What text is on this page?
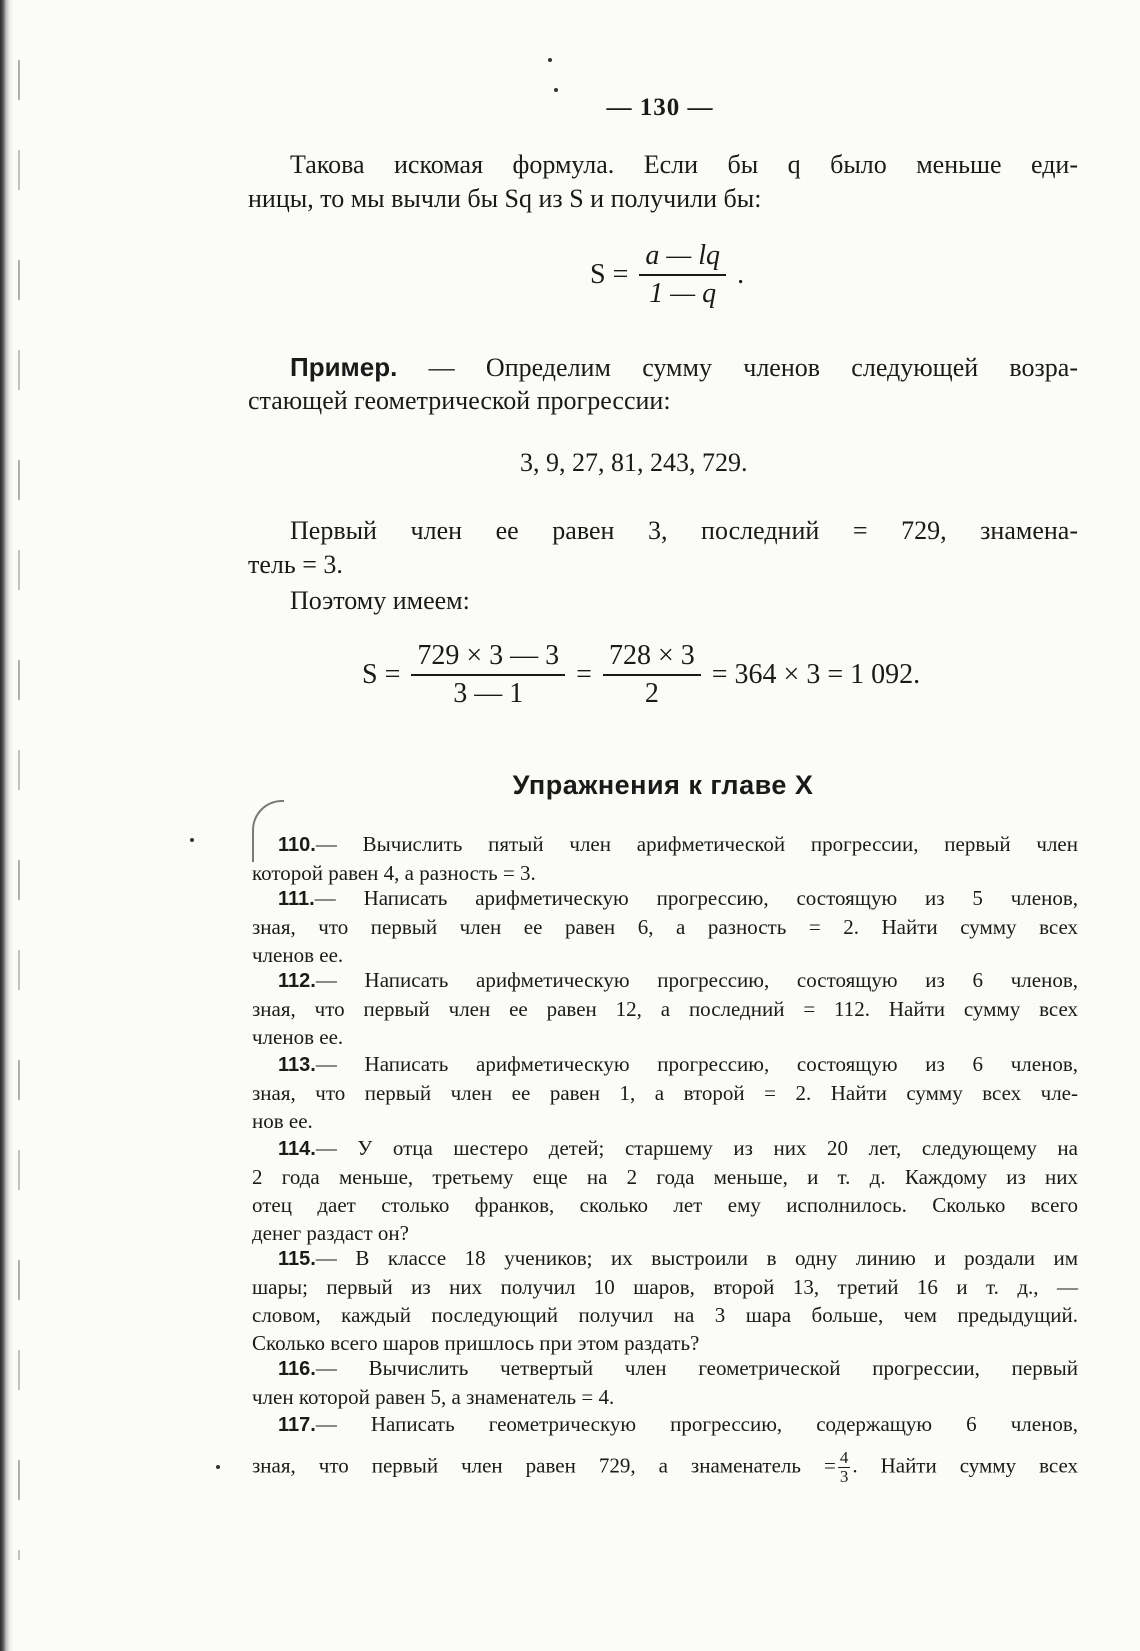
— 130 —
Такова искомая формула. Если бы q было меньше еди-
ницы, то мы вычли бы Sq из S и получили бы:
$S = \frac{a — lq}{1 — q}$ .
Пример. — Определим сумму членов следующей возра-
стающей геометрической прогрессии:
3, 9, 27, 81, 243, 729.
Первый член ее равен 3, последний = 729, знамена-
тель = 3.
Поэтому имеем:
$S = \frac{729 \times 3 — 3}{3 — 1} = \frac{728 \times 3}{2} = 364 \times 3 = 1$ 092.
Упражнения к главе X
110.— Вычислить пятый член арифметической прогрессии, первый член
которой равен 4, а разность = 3.
111.— Написать арифметическую прогрессию, состоящую из 5 членов,
зная, что первый член ее равен 6, а разность = 2. Найти сумму всех
членов ее.
112.— Написать арифметическую прогрессию, состоящую из 6 членов,
зная, что первый член ее равен 12, а последний = 112. Найти сумму всех
членов ее.
113.— Написать арифметическую прогрессию, состоящую из 6 членов,
зная, что первый член ее равен 1, а второй = 2. Найти сумму всех чле-
нов ее.
114.— У отца шестеро детей; старшему из них 20 лет, следующему на
2 года меньше, третьему еще на 2 года меньше, и т. д. Каждому из них
отец дает столько франков, сколько лет ему исполнилось. Сколько всего
денег раздаст он?
115.— В классе 18 учеников; их выстроили в одну линию и роздали им
шары; первый из них получил 10 шаров, второй 13, третий 16 и т. д., —
словом, каждый последующий получил на 3 шара больше, чем предыдущий.
Сколько всего шаров пришлось при этом раздать?
116.— Вычислить четвертый член геометрической прогрессии, первый
член которой равен 5, а знаменатель = 4.
117.— Написать геометрическую прогрессию, содержащую 6 членов,
зная, что первый член равен 729, а знаменатель = $\frac{4}{3}$ . Найти сумму всех
